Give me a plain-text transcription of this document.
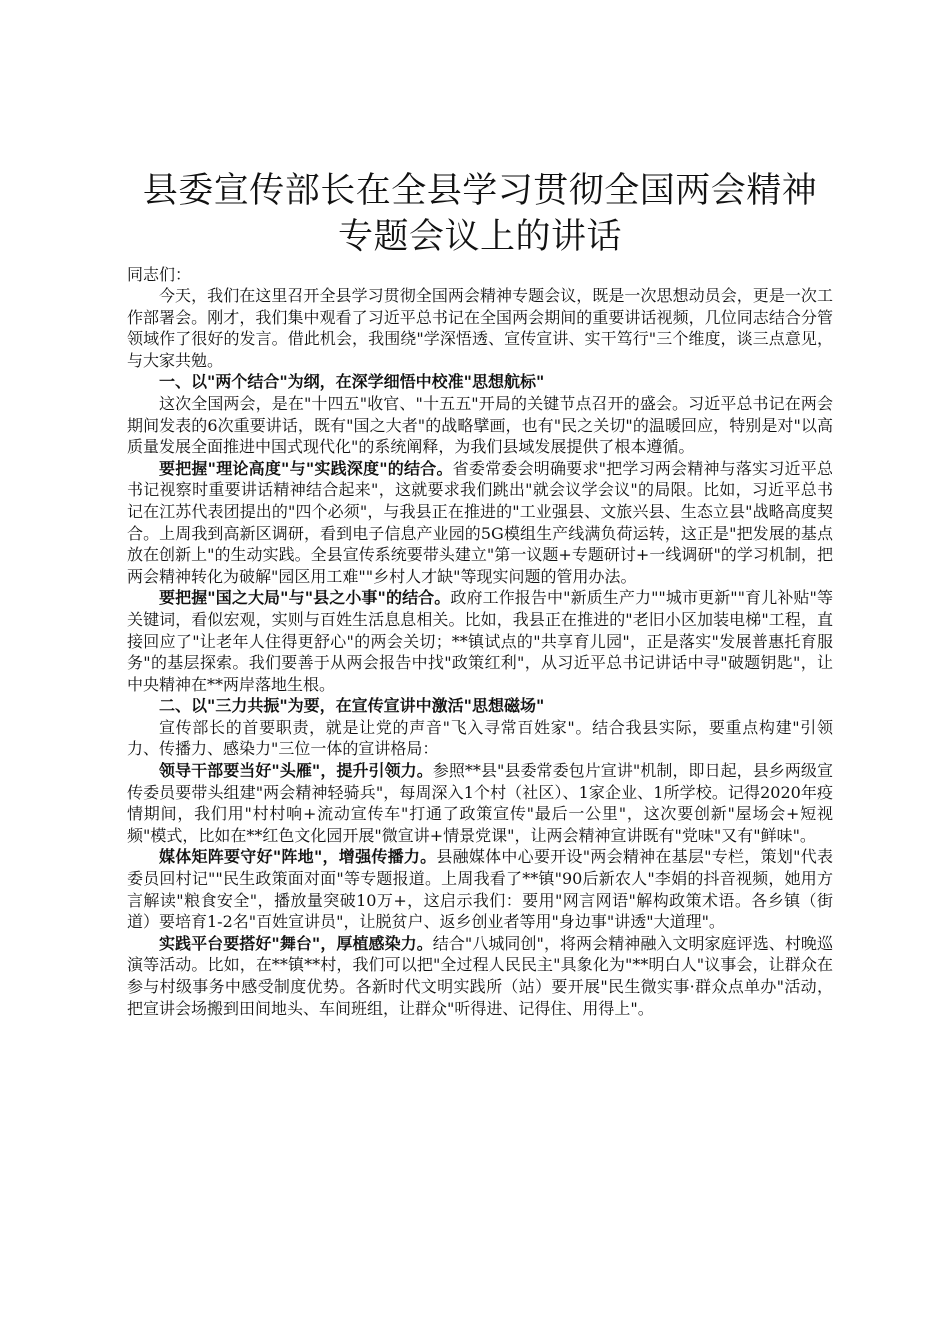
县委宣传部长在全县学习贯彻全国两会精神专题会议上的讲话

同志们：

今天，我们在这里召开全县学习贯彻全国两会精神专题会议，既是一次思想动员会，更是一次工作部署会。刚才，我们集中观看了习近平总书记在全国两会期间的重要讲话视频，几位同志结合分管领域作了很好的发言。借此机会，我围绕"学深悟透、宣传宣讲、实干笃行"三个维度，谈三点意见，与大家共勉。

一、以"两个结合"为纲，在深学细悟中校准"思想航标"

这次全国两会，是在"十四五"收官、"十五五"开局的关键节点召开的盛会。习近平总书记在两会期间发表的6次重要讲话，既有"国之大者"的战略擘画，也有"民之关切"的温暖回应，特别是对"以高质量发展全面推进中国式现代化"的系统阐释，为我们县域发展提供了根本遵循。

要把握"理论高度"与"实践深度"的结合。省委常委会明确要求"把学习两会精神与落实习近平总书记视察时重要讲话精神结合起来"，这就要求我们跳出"就会议学会议"的局限。比如，习近平总书记在江苏代表团提出的"四个必须"，与我县正在推进的"工业强县、文旅兴县、生态立县"战略高度契合。上周我到高新区调研，看到电子信息产业园的5G模组生产线满负荷运转，这正是"把发展的基点放在创新上"的生动实践。全县宣传系统要带头建立"第一议题+专题研讨+一线调研"的学习机制，把两会精神转化为破解"园区用工难""乡村人才缺"等现实问题的管用办法。

要把握"国之大局"与"县之小事"的结合。政府工作报告中"新质生产力""城市更新""育儿补贴"等关键词，看似宏观，实则与百姓生活息息相关。比如，我县正在推进的"老旧小区加装电梯"工程，直接回应了"让老年人住得更舒心"的两会关切；**镇试点的"共享育儿园"，正是落实"发展普惠托育服务"的基层探索。我们要善于从两会报告中找"政策红利"，从习近平总书记讲话中寻"破题钥匙"，让中央精神在**两岸落地生根。

二、以"三力共振"为要，在宣传宣讲中激活"思想磁场"

宣传部长的首要职责，就是让党的声音"飞入寻常百姓家"。结合我县实际，要重点构建"引领力、传播力、感染力"三位一体的宣讲格局：

领导干部要当好"头雁"，提升引领力。参照**县"县委常委包片宣讲"机制，即日起，县乡两级宣传委员要带头组建"两会精神轻骑兵"，每周深入1个村（社区）、1家企业、1所学校。记得2020年疫情期间，我们用"村村响+流动宣传车"打通了政策宣传"最后一公里"，这次要创新"屋场会+短视频"模式，比如在**红色文化园开展"微宣讲+情景党课"，让两会精神宣讲既有"党味"又有"鲜味"。

媒体矩阵要守好"阵地"，增强传播力。县融媒体中心要开设"两会精神在基层"专栏，策划"代表委员回村记""民生政策面对面"等专题报道。上周我看了**镇"90后新农人"李娟的抖音视频，她用方言解读"粮食安全"，播放量突破10万+，这启示我们：要用"网言网语"解构政策术语。各乡镇（街道）要培育1-2名"百姓宣讲员"，让脱贫户、返乡创业者等用"身边事"讲透"大道理"。

实践平台要搭好"舞台"，厚植感染力。结合"八城同创"，将两会精神融入文明家庭评选、村晚巡演等活动。比如，在**镇**村，我们可以把"全过程人民民主"具象化为"**明白人"议事会，让群众在参与村级事务中感受制度优势。各新时代文明实践所（站）要开展"民生微实事·群众点单办"活动，把宣讲会场搬到田间地头、车间班组，让群众"听得进、记得住、用得上"。
